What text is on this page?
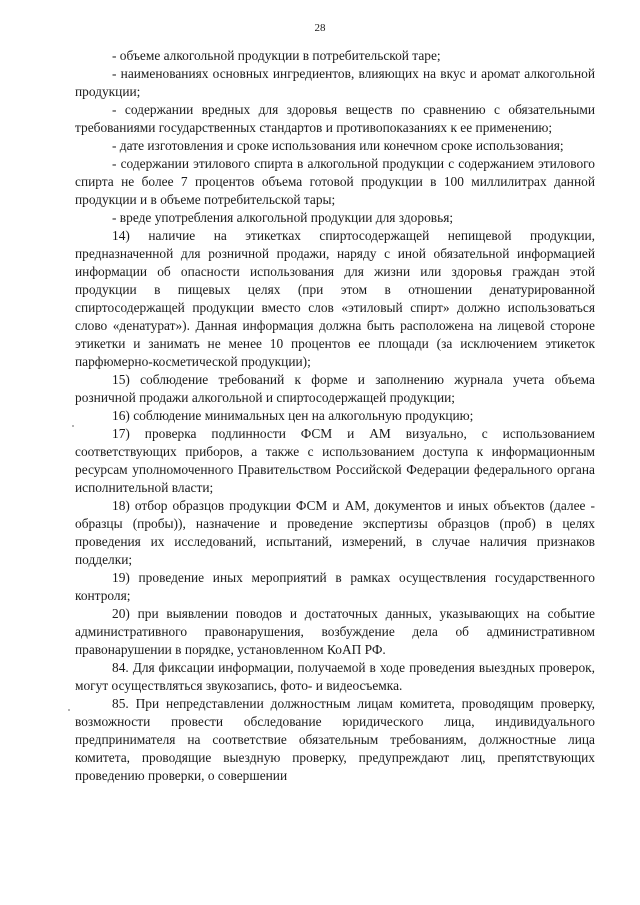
28

- объеме алкогольной продукции в потребительской таре;

- наименованиях основных ингредиентов, влияющих на вкус и аромат алкогольной продукции;

- содержании вредных для здоровья веществ по сравнению с обязательными требованиями государственных стандартов и противопоказаниях к ее применению;

- дате изготовления и сроке использования или конечном сроке использования;

- содержании этилового спирта в алкогольной продукции с содержанием этилового спирта не более 7 процентов объема готовой продукции в 100 миллилитрах данной продукции и в объеме потребительской тары;

- вреде употребления алкогольной продукции для здоровья;

14) наличие на этикетках спиртосодержащей непищевой продукции, предназначенной для розничной продажи, наряду с иной обязательной информацией информации об опасности использования для жизни или здоровья граждан этой продукции в пищевых целях (при этом в отношении денатурированной спиртосодержащей продукции вместо слов «этиловый спирт» должно использоваться слово «денатурат»). Данная информация должна быть расположена на лицевой стороне этикетки и занимать не менее 10 процентов ее площади (за исключением этикеток парфюмерно-косметической продукции);

15) соблюдение требований к форме и заполнению журнала учета объема розничной продажи алкогольной и спиртосодержащей продукции;

16) соблюдение минимальных цен на алкогольную продукцию;

17) проверка подлинности ФСМ и АМ визуально, с использованием соответствующих приборов, а также с использованием доступа к информационным ресурсам уполномоченного Правительством Российской Федерации федерального органа исполнительной власти;

18) отбор образцов продукции ФСМ и АМ, документов и иных объектов (далее - образцы (пробы)), назначение и проведение экспертизы образцов (проб) в целях проведения их исследований, испытаний, измерений, в случае наличия признаков подделки;

19) проведение иных мероприятий в рамках осуществления государственного контроля;

20) при выявлении поводов и достаточных данных, указывающих на событие административного правонарушения, возбуждение дела об административном правонарушении в порядке, установленном КоАП РФ.

84. Для фиксации информации, получаемой в ходе проведения выездных проверок, могут осуществляться звукозапись, фото- и видеосъемка.

85. При непредставлении должностным лицам комитета, проводящим проверку, возможности провести обследование юридического лица, индивидуального предпринимателя на соответствие обязательным требованиям, должностные лица комитета, проводящие выездную проверку, предупреждают лиц, препятствующих проведению проверки, о совершении
